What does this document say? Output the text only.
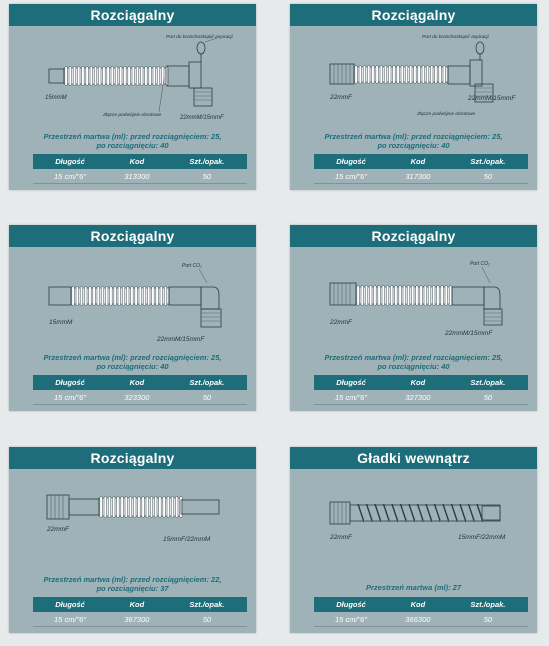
Rozciągalny
Port do bronchoskopii/ aspiracji
15mmM
22mmM/15mmF
Złącze podwójnie obrotowe
Przestrzeń martwa (ml): przed rozciągnięciem: 25,
po rozciągnięciu: 40
Długość	Kod	Szt./opak.
15 cm/"6"	313300	50
Rozciągalny
Port do bronchoskopii/ aspiracji
22mmF	22mmM/15mmF
Złącze podwójnie obrotowe
Przestrzeń martwa (ml): przed rozciągnięciem: 25,
po rozciągnięciu: 40
Długość	Kod	Szt./opak.
15 cm/"6"	317300	50
Rozciągalny
Port CO₂
15mmM
22mmM/15mmF
Przestrzeń martwa (ml): przed rozciągnięciem: 25,
po rozciągnięciu: 40
Długość	Kod	Szt./opak.
15 cm/"6"	323300	50
Rozciągalny
Port CO₂
22mmF
22mmM/15mmF
Przestrzeń martwa (ml): przed rozciągnięciem: 25,
po rozciągnięciu: 40
Długość	Kod	Szt./opak.
15 cm/"6"	327300	50
Rozciągalny
22mmF
15mmF/22mmM
Przestrzeń martwa (ml): przed rozciągnięciem: 22,
po rozciągnięciu: 37
Długość	Kod	Szt./opak.
15 cm/"6"	367300	50
Gładki wewnątrz
22mmF	15mmF/22mmM
Przestrzeń martwa (ml): 27
Długość	Kod	Szt./opak.
15 cm/"6"	366300	50
